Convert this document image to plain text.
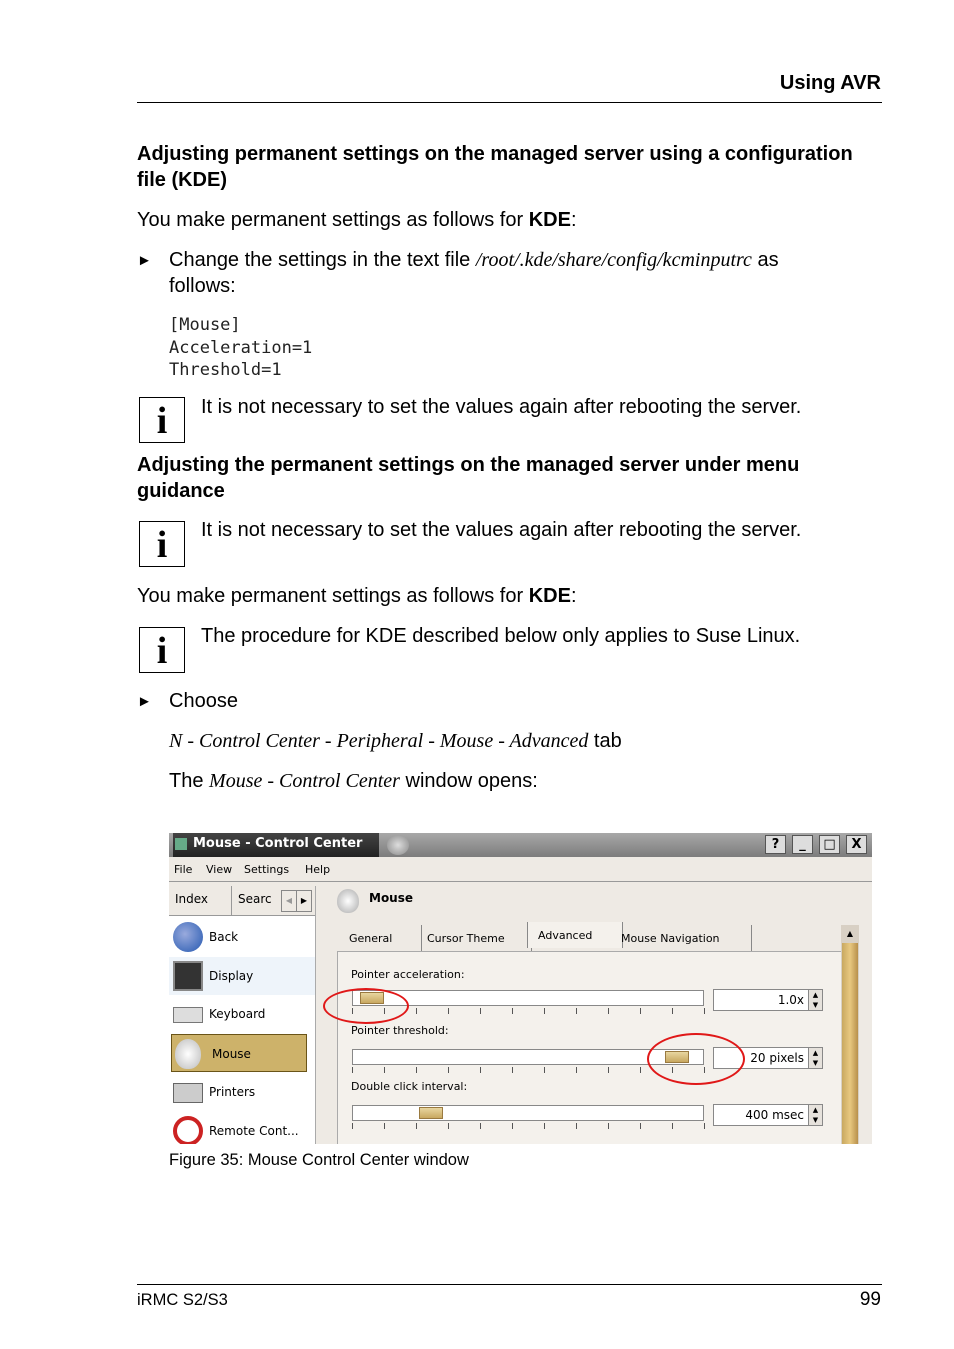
Using AVR
Adjusting permanent settings on the managed server using a configuration file (KDE)
You make permanent settings as follows for KDE:
► Change the settings in the text file /root/.kde/share/config/kcminputrc as
follows:
[Mouse]
Acceleration=1
Threshold=1
i	It is not necessary to set the values again after rebooting the server.
Adjusting the permanent settings on the managed server under menu guidance
i	It is not necessary to set the values again after rebooting the server.
You make permanent settings as follows for KDE:
i	The procedure for KDE described below only applies to Suse Linux.
► Choose
N - Control Center - Peripheral - Mouse - Advanced tab
The Mouse - Control Center window opens:
Mouse - Control Center	?	_	□	X
File View Settings Help
Index Searc	◀	▶
Back
Display
Keyboard
Mouse
Printers
Remote Cont...
Mouse
General	Cursor Theme	Advanced	Mouse Navigation
Pointer acceleration:
1.0x	▲
▼
Pointer threshold:
20 pixels	▲
▼
Double click interval:
400 msec	▲
▼
▲
Figure 35: Mouse Control Center window
iRMC S2/S3	99
